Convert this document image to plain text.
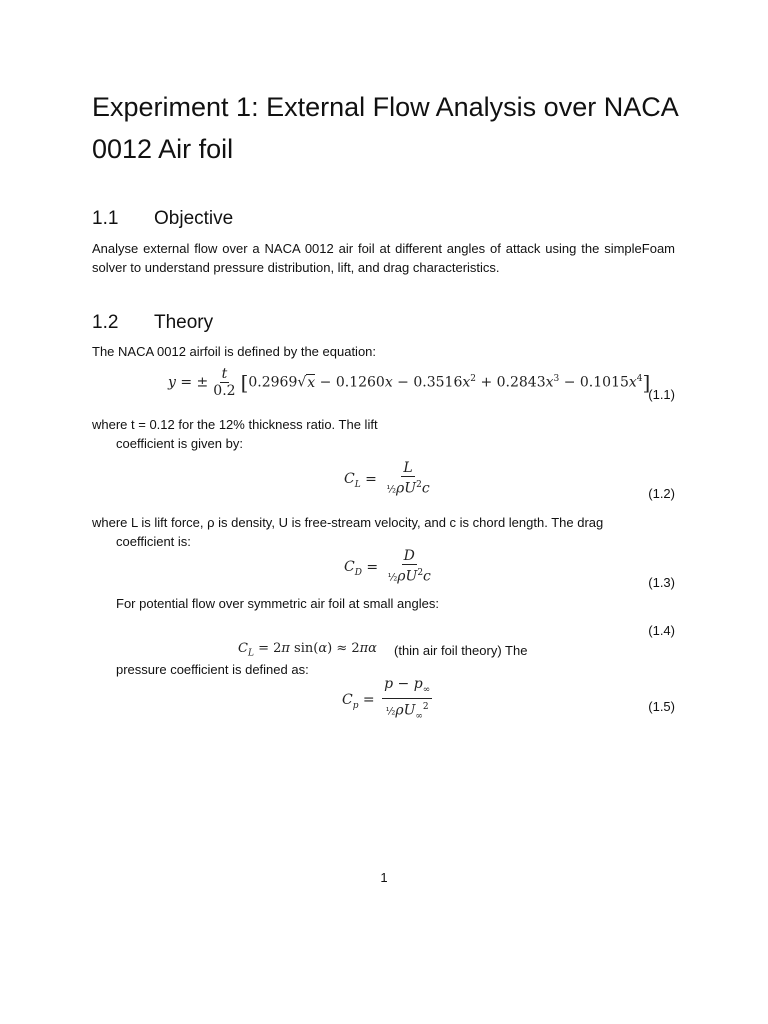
Experiment 1: External Flow Analysis over NACA 0012 Air foil
1.1 Objective

Analyse external flow over a NACA 0012 air foil at different angles of attack using the simpleFoam solver to understand pressure distribution, lift, and drag characteristics.

1.2 Theory

The NACA 0012 airfoil is defined by the equation:

y = ± $\frac{t}{0.2} [0.2969√x - 0.1260x - 0.3516x^2 + 0.2843x^3 - 0.1015x^4]$
(1.1)

where t = 0.12 for the 12% thickness ratio. The lift

coefficient is given by:

$C_L = \frac{L}{\frac{1}{2}\rho U^2c}$	(1.2)

where L is lift force, ρ is density, U is free-stream velocity, and c is chord length. The drag

coefficient is:

$C_D = \frac{D}{\frac{1}{2}\rho U^2c}$	(1.3)

For potential flow over symmetric air foil at small angles:

(1.4)
$C_L = 2\pi$ sin(α) ≈ 2πα (thin air foil theory) The

pressure coefficient is defined as:

$C_p = \frac{p - p_\infty}{\frac{1}{2}\rho U_\infty^2}$	(1.5)
1
